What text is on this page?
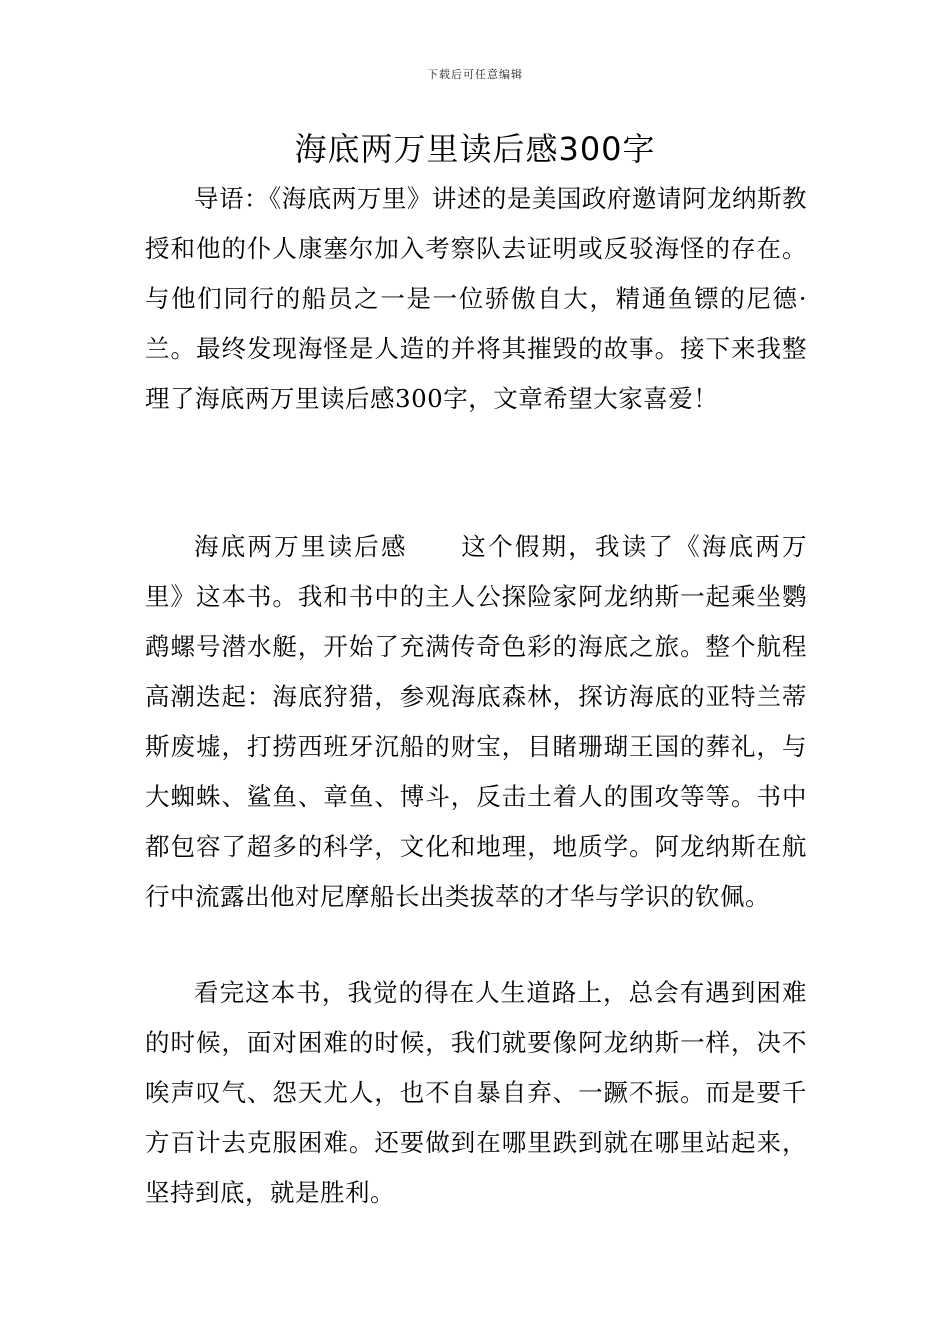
下载后可任意编辑
海底两万里读后感300字

导语：《海底两万里》讲述的是美国政府邀请阿龙纳斯教授和他的仆人康塞尔加入考察队去证明或反驳海怪的存在。与他们同行的船员之一是一位骄傲自大，精通鱼镖的尼德·兰。最终发现海怪是人造的并将其摧毁的故事。接下来我整理了海底两万里读后感300字，文章希望大家喜爱！

海底两万里读后感 这个假期，我读了《海底两万里》这本书。我和书中的主人公探险家阿龙纳斯一起乘坐鹦鹉螺号潜水艇，开始了充满传奇色彩的海底之旅。整个航程高潮迭起：海底狩猎，参观海底森林，探访海底的亚特兰蒂斯废墟，打捞西班牙沉船的财宝，目睹珊瑚王国的葬礼，与大蜘蛛、鲨鱼、章鱼、博斗，反击土着人的围攻等等。书中都包容了超多的科学，文化和地理，地质学。阿龙纳斯在航行中流露出他对尼摩船长出类拔萃的才华与学识的钦佩。

看完这本书，我觉的得在人生道路上，总会有遇到困难的时候，面对困难的时候，我们就要像阿龙纳斯一样，决不唉声叹气、怨天尤人，也不自暴自弃、一蹶不振。而是要千方百计去克服困难。还要做到在哪里跌到就在哪里站起来，坚持到底，就是胜利。
